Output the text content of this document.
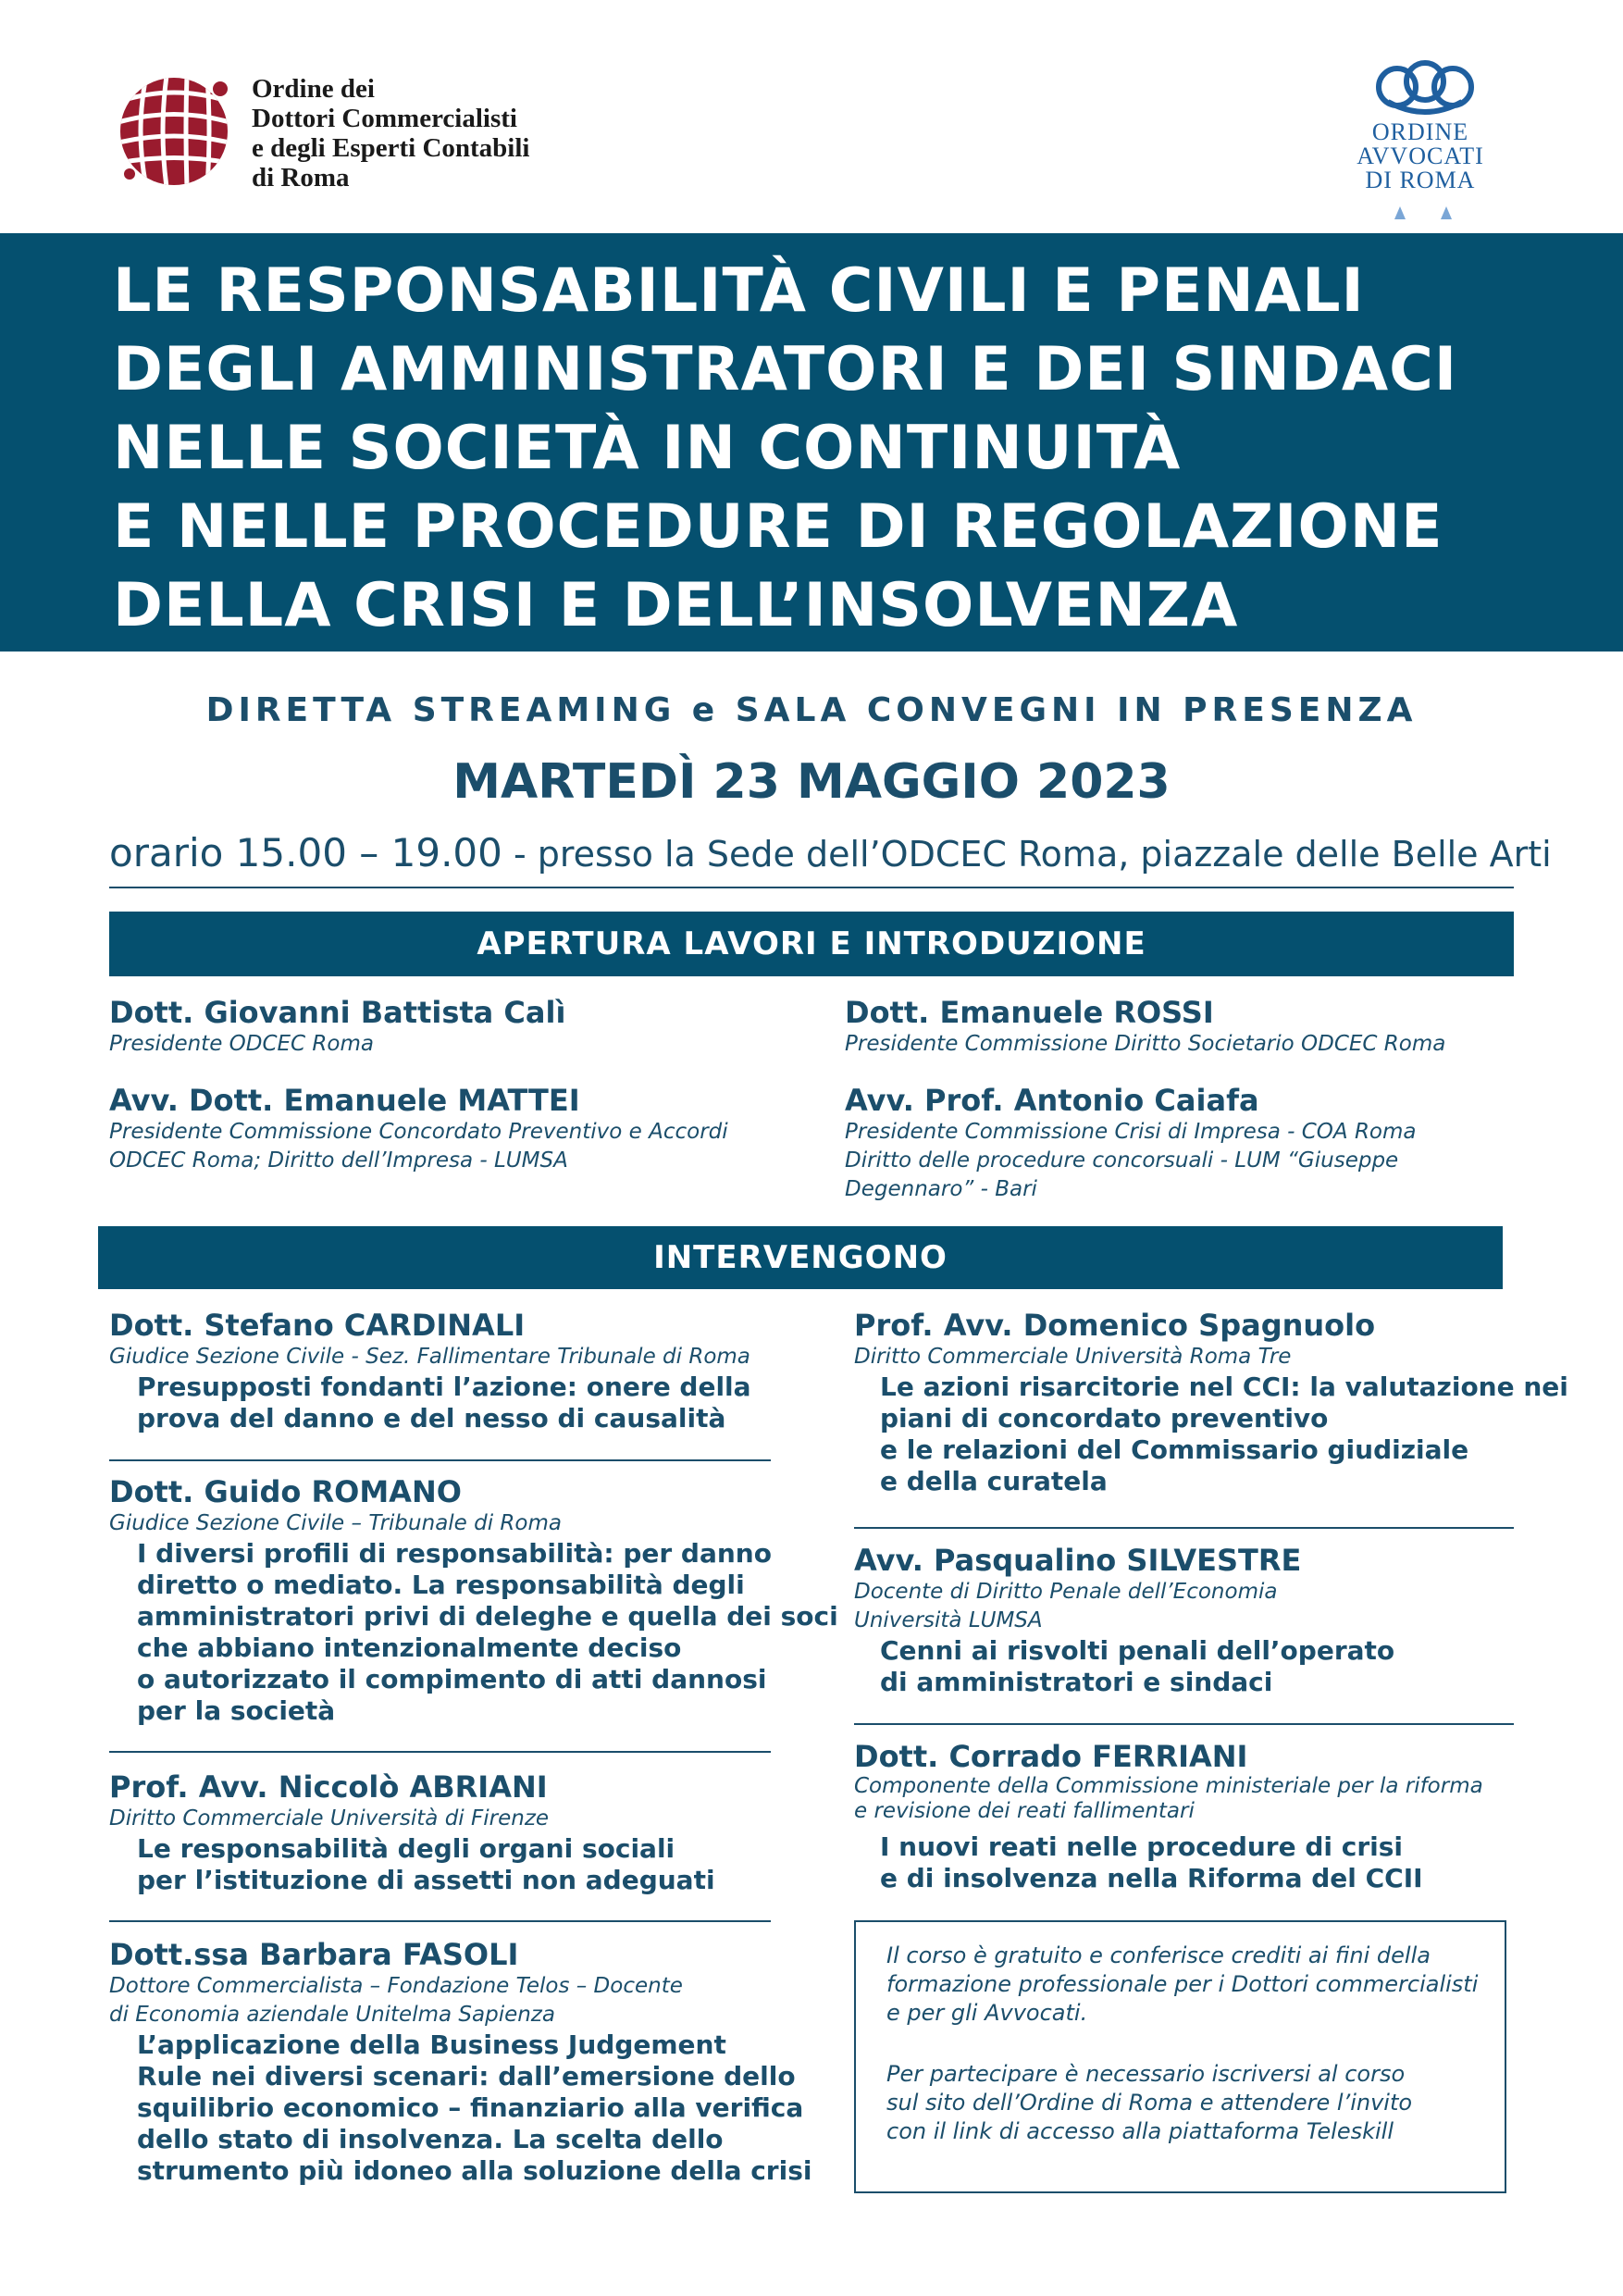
Ordine dei
Dottori Commercialisti
e degli Esperti Contabili
di Roma
ORDINE
AVVOCATI
DI ROMA
LE RESPONSABILITÀ CIVILI E PENALI
DEGLI AMMINISTRATORI E DEI SINDACI
NELLE SOCIETÀ IN CONTINUITÀ
E NELLE PROCEDURE DI REGOLAZIONE
DELLA CRISI E DELL’INSOLVENZA
DIRETTA STREAMING e SALA CONVEGNI IN PRESENZA
MARTEDÌ 23 MAGGIO 2023
orario 15.00 – 19.00 - presso la Sede dell’ODCEC Roma, piazzale delle Belle Arti
APERTURA LAVORI E INTRODUZIONE
Dott. Giovanni Battista Calì
Presidente ODCEC Roma
Dott. Emanuele ROSSI
Presidente Commissione Diritto Societario ODCEC Roma
Avv. Dott. Emanuele MATTEI
Presidente Commissione Concordato Preventivo e Accordi
ODCEC Roma; Diritto dell’Impresa - LUMSA
Avv. Prof. Antonio Caiafa
Presidente Commissione Crisi di Impresa - COA Roma
Diritto delle procedure concorsuali - LUM “Giuseppe
Degennaro” - Bari
INTERVENGONO
Dott. Stefano CARDINALI
Giudice Sezione Civile - Sez. Fallimentare Tribunale di Roma
Presupposti fondanti l’azione: onere della
prova del danno e del nesso di causalità
Dott. Guido ROMANO
Giudice Sezione Civile – Tribunale di Roma
I diversi profili di responsabilità: per danno
diretto o mediato. La responsabilità degli
amministratori privi di deleghe e quella dei soci
che abbiano intenzionalmente deciso
o autorizzato il compimento di atti dannosi
per la società
Prof. Avv. Niccolò ABRIANI
Diritto Commerciale Università di Firenze
Le responsabilità degli organi sociali
per l’istituzione di assetti non adeguati
Dott.ssa Barbara FASOLI
Dottore Commercialista – Fondazione Telos – Docente
di Economia aziendale Unitelma Sapienza
L’applicazione della Business Judgement
Rule nei diversi scenari: dall’emersione dello
squilibrio economico – finanziario alla verifica
dello stato di insolvenza. La scelta dello
strumento più idoneo alla soluzione della crisi
Prof. Avv. Domenico Spagnuolo
Diritto Commerciale Università Roma Tre
Le azioni risarcitorie nel CCI: la valutazione nei
piani di concordato preventivo
e le relazioni del Commissario giudiziale
e della curatela
Avv. Pasqualino SILVESTRE
Docente di Diritto Penale dell’Economia
Università LUMSA
Cenni ai risvolti penali dell’operato
di amministratori e sindaci
Dott. Corrado FERRIANI
Componente della Commissione ministeriale per la riforma
e revisione dei reati fallimentari
I nuovi reati nelle procedure di crisi
e di insolvenza nella Riforma del CCII
Il corso è gratuito e conferisce crediti ai fini della
formazione professionale per i Dottori commercialisti
e per gli Avvocati.
Per partecipare è necessario iscriversi al corso
sul sito dell’Ordine di Roma e attendere l’invito
con il link di accesso alla piattaforma Teleskill
